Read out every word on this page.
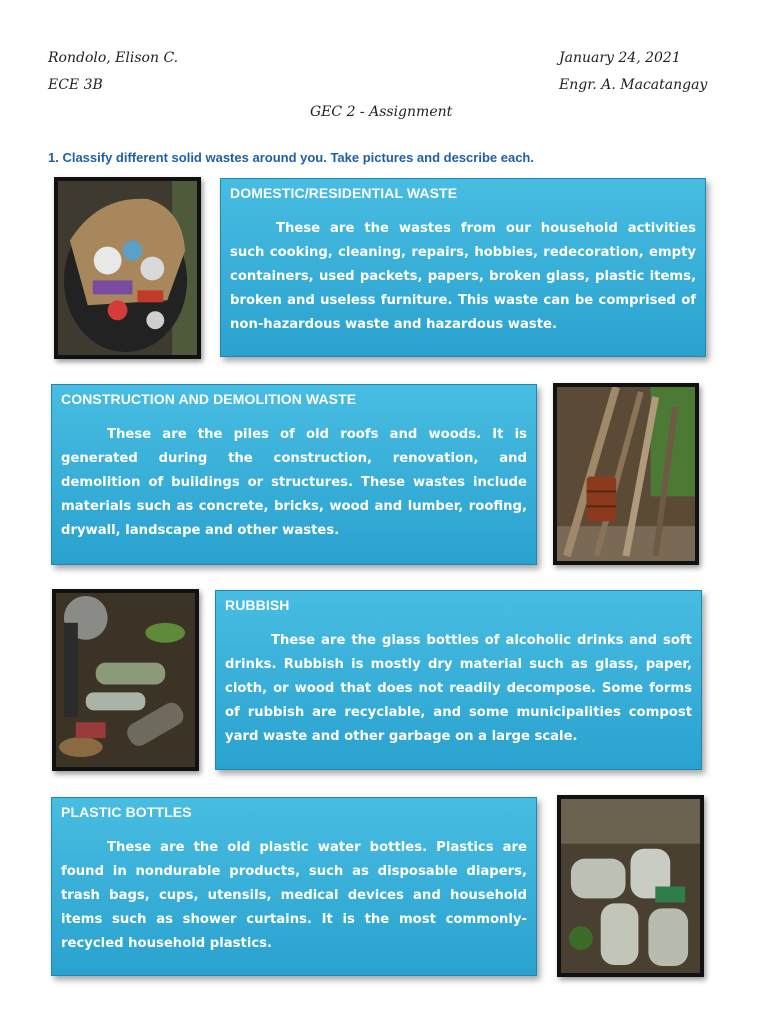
Rondolo, Elison C.
ECE 3B
January 24, 2021
Engr. A. Macatangay
GEC 2 - Assignment
1. Classify different solid wastes around you. Take pictures and describe each.

DOMESTIC/RESIDENTIAL WASTE

These are the wastes from our household activities such cooking, cleaning, repairs, hobbies, redecoration, empty containers, used packets, papers, broken glass, plastic items, broken and useless furniture. This waste can be comprised of non-hazardous waste and hazardous waste.

CONSTRUCTION AND DEMOLITION WASTE

These are the piles of old roofs and woods. It is generated during the construction, renovation, and demolition of buildings or structures. These wastes include materials such as concrete, bricks, wood and lumber, roofing, drywall, landscape and other wastes.

RUBBISH

These are the glass bottles of alcoholic drinks and soft drinks. Rubbish is mostly dry material such as glass, paper, cloth, or wood that does not readily decompose. Some forms of rubbish are recyclable, and some municipalities compost yard waste and other garbage on a large scale.

PLASTIC BOTTLES

These are the old plastic water bottles. Plastics are found in nondurable products, such as disposable diapers, trash bags, cups, utensils, medical devices and household items such as shower curtains. It is the most commonly-recycled household plastics.
